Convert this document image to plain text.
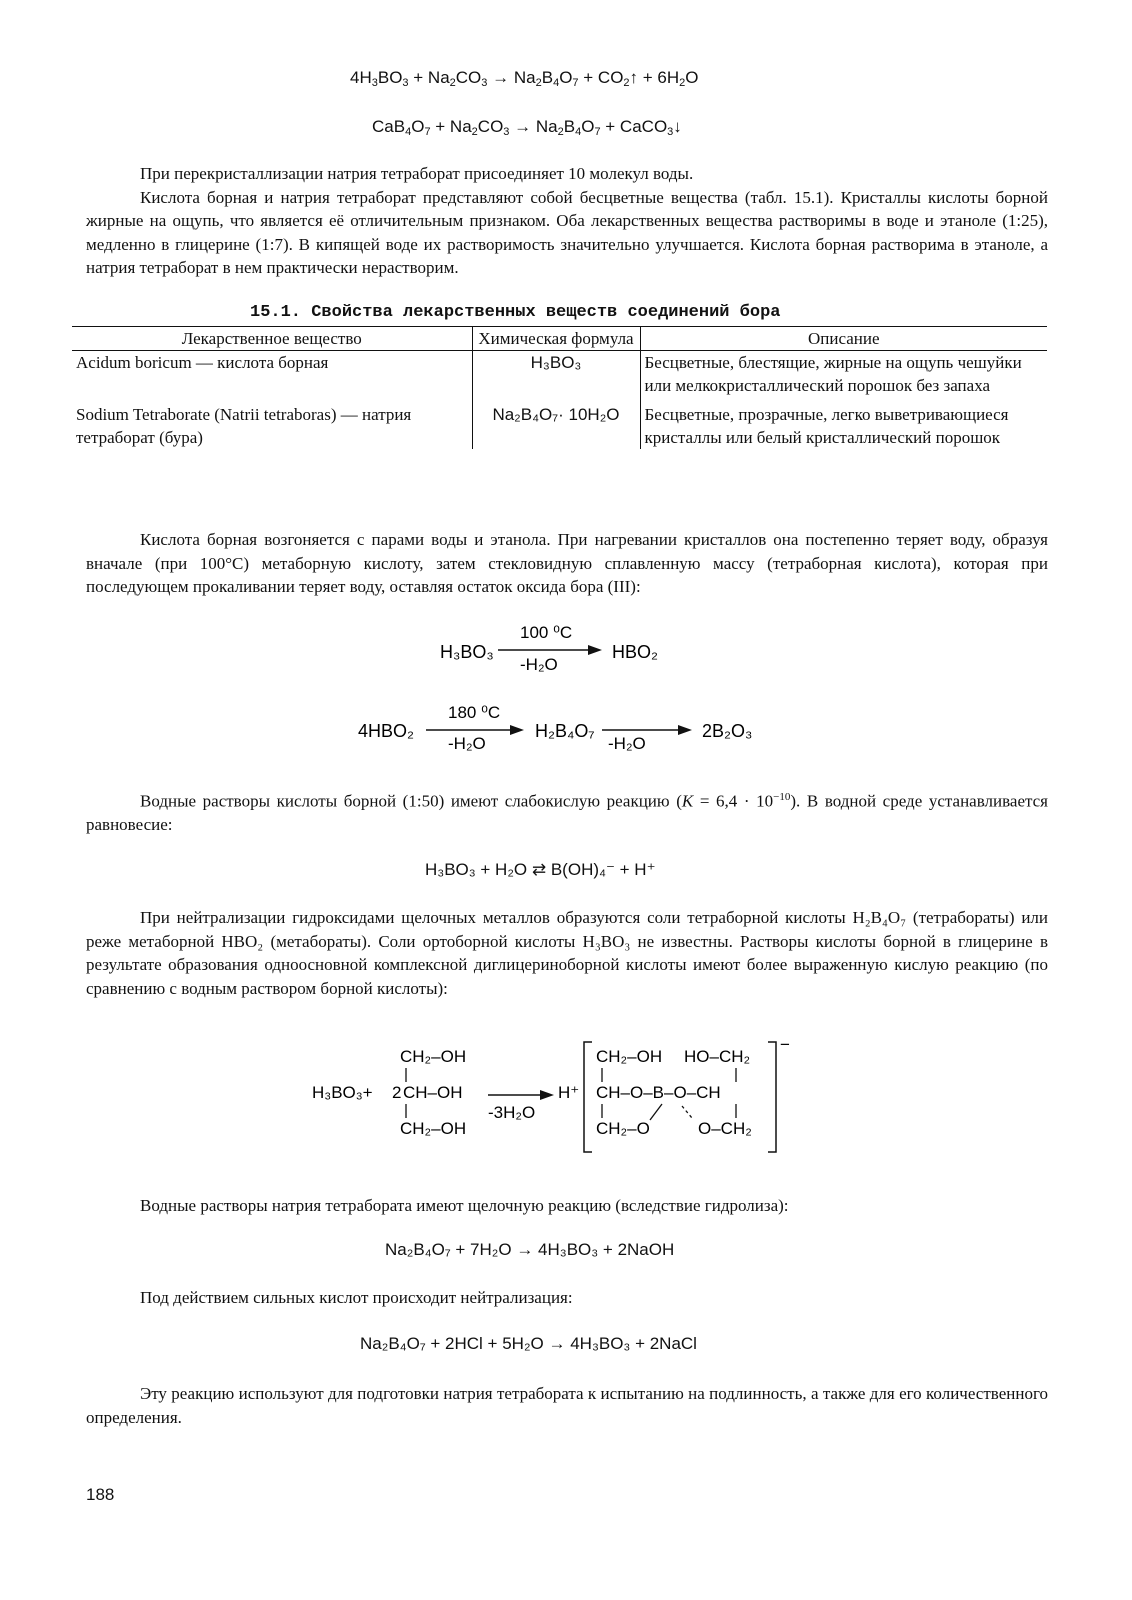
$4H_3BO_3 + Na_2CO_3 \to Na_2B_4O_7$ + $CO_2↑ + 6H_2O$
$CaB_4O_7 + Na_2CO_3 \to Na_2B_4O_7$ + CaCO$_3$↓

При перекристаллизации натрия тетраборат присоединяет 10 молекул воды.

Кислота борная и натрия тетраборат представляют собой бесцветные вещества (табл. 15.1). Кристаллы кислоты борной жирные на ощупь, что является её отличительным признаком. Оба лекарственных вещества растворимы в воде и этаноле (1:25), медленно в глицерине (1:7). В кипящей воде их растворимость значительно улучшается. Кислота борная растворима в этаноле, а натрия тетраборат в нем практически нерастворим.

15.1. Свойства лекарственных веществ соединений бора
Лекарственное вещество	Химическая формула	Описание
Acidum boricum — кислота борная	H₃BO₃	Бесцветные, блестящие, жирные на ощупь чешуйки или мелкокристаллический порошок без запаха
Sodium Tetraborate (Natrii tetraboras) — натрия тетраборат (бура)	Na₂B₄O₇· 10H₂O	Бесцветные, прозрачные, легко выветривающиеся кристаллы или белый кристаллический порошок

Кислота борная возгоняется с парами воды и этанола. При нагревании кристаллов она постепенно теряет воду, образуя вначале (при 100°С) метаборную кислоту, затем стекловидную сплавленную массу (тетраборная кислота), которая при последующем прокаливании теряет воду, оставляя остаток оксида бора (III):

H₃BO₃
100 ⁰C
-H₂O
HBO₂
4HBO₂
180 ⁰C
-H₂O
H₂B₄O₇
-H₂O
2B₂O₃

Водные растворы кислоты борной (1:50) имеют слабокислую реакцию $(K = 6,4 \cdot 10^{-10})$. В водной среде устанавливается равновесие:

H₃BO₃ + H₂O ⇄ B(OH)₄⁻ + H⁺

При нейтрализации гидроксидами щелочных металлов образуются соли тетраборной кислоты H₂B₄O₇ (тетрабораты) или реже метаборной HBO₂ (метабораты). Соли ортоборной кислоты H₃BO₃ не известны. Растворы кислоты борной в глицерине в результате образования одноосновной комплексной диглицериноборной кислоты имеют более выраженную кислую реакцию (по сравнению с водным раствором борной кислоты):

H₃BO₃+ 2
CH₂–OH
CH–OH
CH₂–OH
-3H₂O
H⁺
−
CH₂–OH HO–CH₂
CH–O–B–O–CH
CH₂–O	O–CH₂

Водные растворы натрия тетрабората имеют щелочную реакцию (вследствие гидролиза):

Na₂B₄O₇ + 7H₂O → 4H₃BO₃ + 2NaOH

Под действием сильных кислот происходит нейтрализация:

Na₂B₄O₇ + 2HCl + 5H₂O → 4H₃BO₃ + 2NaCl

Эту реакцию используют для подготовки натрия тетрабората к испытанию на подлинность, а также для его количественного определения.

188
